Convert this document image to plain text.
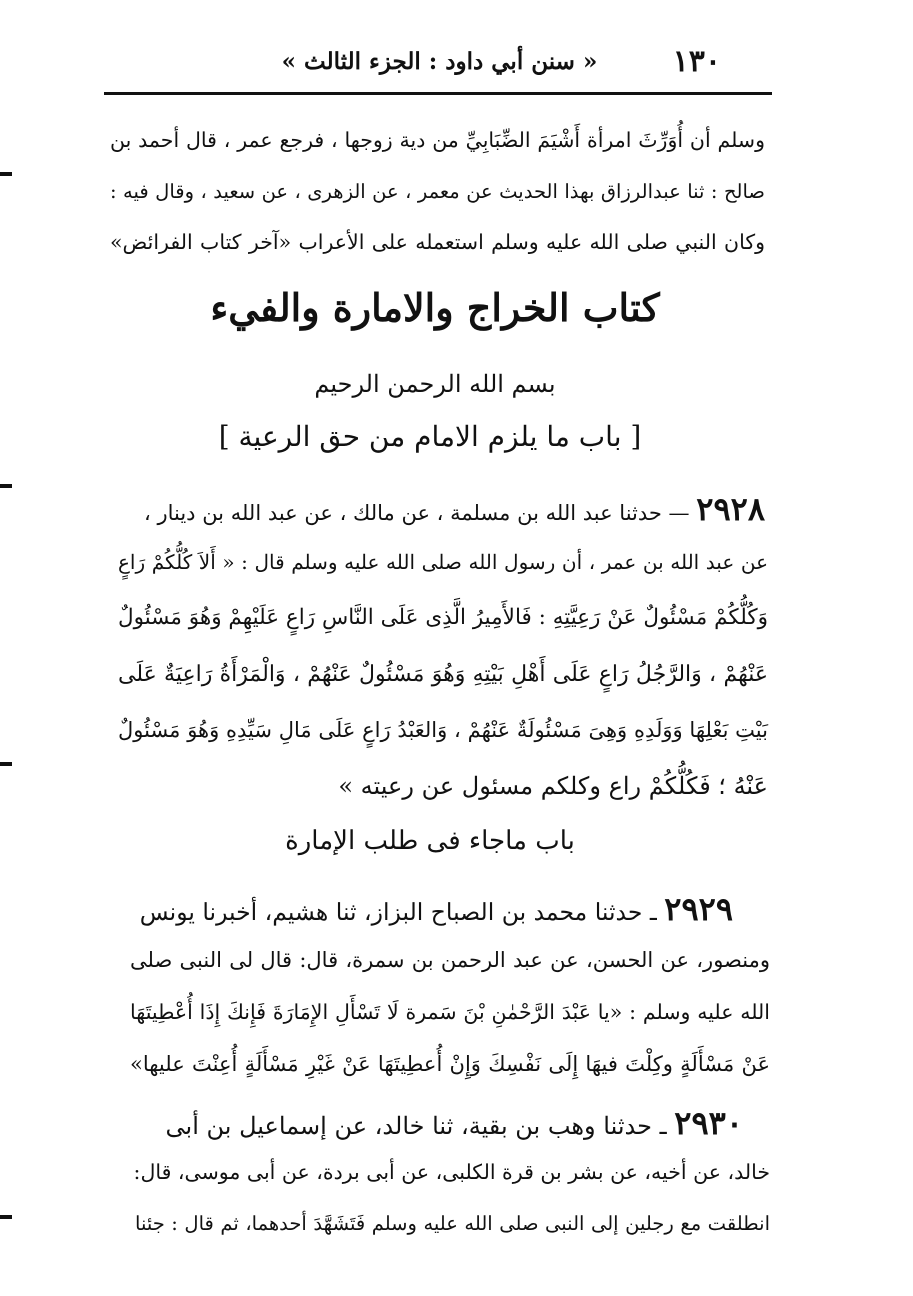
١٣٠
« سنن أبي داود : الجزء الثالث »
وسلم أن أُوَرِّثَ امرأة أَشْيَمَ الضِّبَابِيِّ من دية زوجها ، فرجع عمر ، قال أحمد بن
صالح : ثنا عبدالرزاق بهذا الحديث عن معمر ، عن الزهرى ، عن سعيد ، وقال فيه :
وكان النبي صلى الله عليه وسلم استعمله على الأعراب «آخر كتاب الفرائض»
كتاب الخراج والامارة والفيء
بسم الله الرحمن الرحيم
[ باب ما يلزم الامام من حق الرعية ]
٢٩٢٨ — حدثنا عبد الله بن مسلمة ، عن مالك ، عن عبد الله بن دينار ،
عن عبد الله بن عمر ، أن رسول الله صلى الله عليه وسلم قال : « أَلاَ كُلُّكُمْ رَاعٍ
وَكُلُّكُمْ مَسْئُولٌ عَنْ رَعِيَّتِهِ : فَالأَمِيرُ الَّذِى عَلَى النَّاسِ رَاعٍ عَلَيْهِمْ وَهُوَ مَسْئُولٌ
عَنْهُمْ ، وَالرَّجُلُ رَاعٍ عَلَى أَهْلِ بَيْتِهِ وَهُوَ مَسْئُولٌ عَنْهُمْ ، وَالْمَرْأَةُ رَاعِيَةٌ عَلَى
بَيْتِ بَعْلِهَا وَوَلَدِهِ وَهِىَ مَسْئُولَةٌ عَنْهُمْ ، وَالعَبْدُ رَاعٍ عَلَى مَالِ سَيِّدِهِ وَهُوَ مَسْئُولٌ
عَنْهُ ؛ فَكُلُّكُمْ راع وكلكم مسئول عن رعيته »
باب ماجاء فى طلب الإمارة
٢٩٢٩ ـ حدثنا محمد بن الصباح البزاز، ثنا هشيم، أخبرنا يونس
ومنصور، عن الحسن، عن عبد الرحمن بن سمرة، قال: قال لى النبى صلى
الله عليه وسلم : «يا عَبْدَ الرَّحْمٰنِ بْنَ سَمرة لَا تَسْأَلِ الإِمَارَةَ فَإِنكَ إِذَا أُعْطِيتَهَا
عَنْ مَسْأَلَةٍ وكِلْتَ فيهَا إِلَى نَفْسِكَ وَإِنْ أُعطِيتَهَا عَنْ غَيْرِ مَسْأَلَةٍ أُعِنْتَ عليها»
٢٩٣٠ ـ حدثنا وهب بن بقية، ثنا خالد، عن إسماعيل بن أبى
خالد، عن أخيه، عن بشر بن قرة الكلبى، عن أبى بردة، عن أبى موسى، قال:
انطلقت مع رجلين إلى النبى صلى الله عليه وسلم فَتَشَهَّدَ أحدهما، ثم قال : جئنا
